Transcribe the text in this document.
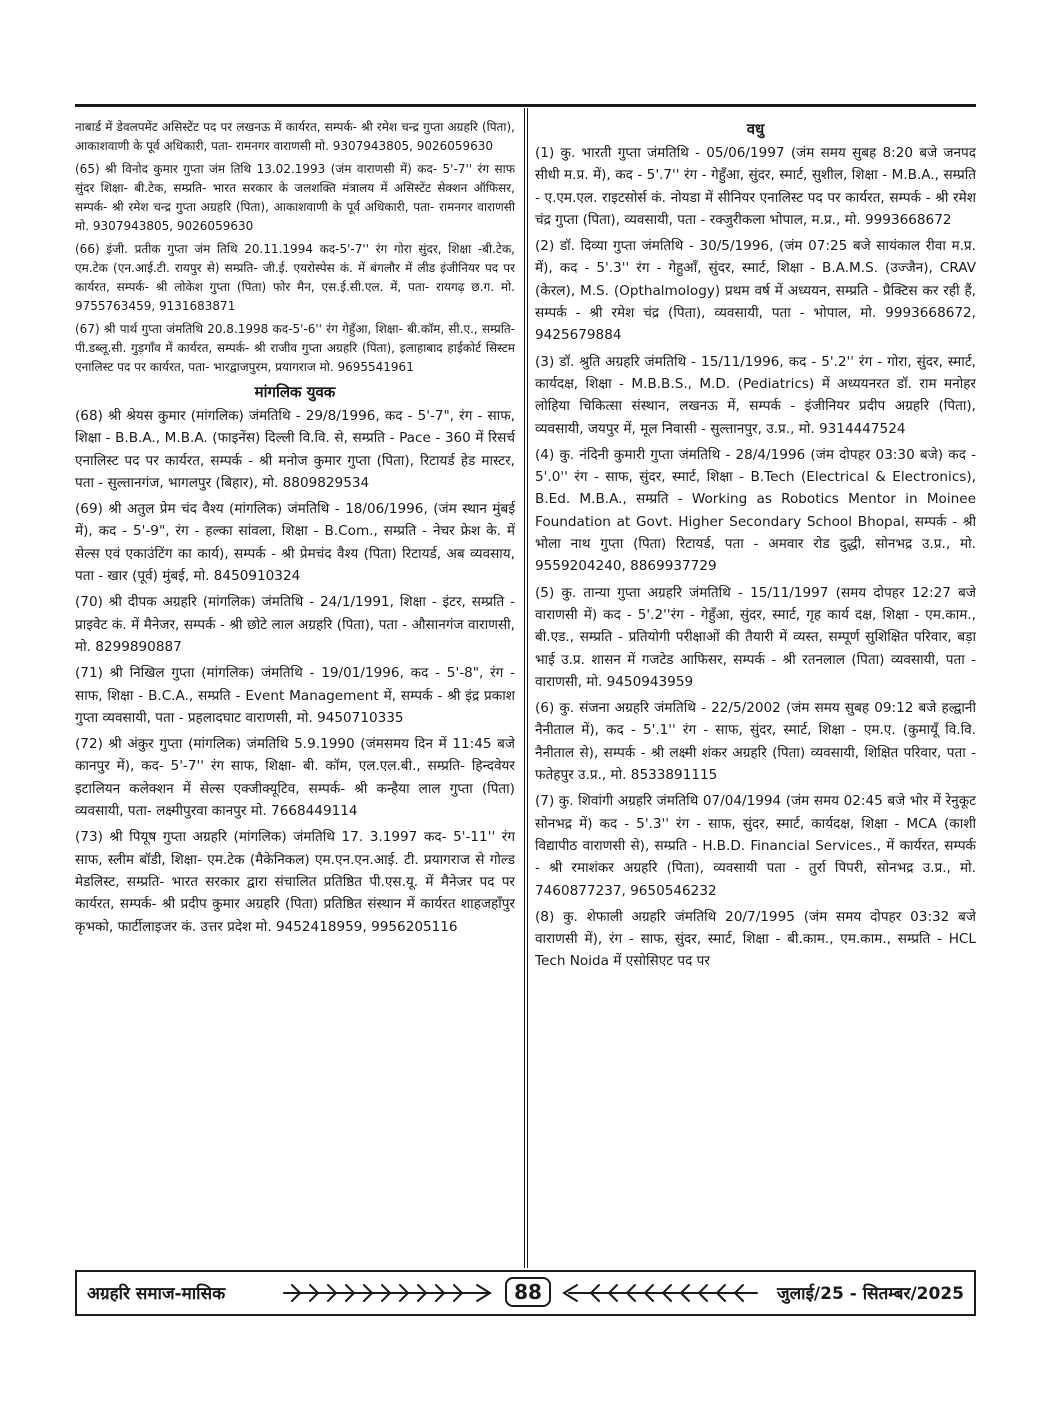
नाबार्ड में डेवलपमेंट असिस्टेंट पद पर लखनऊ में कार्यरत, सम्पर्क- श्री रमेश चन्द्र गुप्ता अग्रहरि (पिता), आकाशवाणी के पूर्व अधिकारी, पता- रामनगर वाराणसी मो. 9307943805, 9026059630

(65) श्री विनोद कुमार गुप्ता जंम तिथि 13.02.1993 (जंम वाराणसी में) कद- 5'-7'' रंग साफ सुंदर शिक्षा- बी.टेक, सम्प्रति- भारत सरकार के जलशक्ति मंत्रालय में असिस्टेंट सेक्शन ऑफिसर, सम्पर्क- श्री रमेश चन्द्र गुप्ता अग्रहरि (पिता), आकाशवाणी के पूर्व अधिकारी, पता- रामनगर वाराणसी मो. 9307943805, 9026059630

(66) इंजी. प्रतीक गुप्ता जंम तिथि 20.11.1994 कद-5'-7'' रंग गोरा सुंदर, शिक्षा -बी.टेक, एम.टेक (एन.आई.टी. रायपुर से) सम्प्रति- जी.ई. एयरोस्पेस कं. में बंगलौर में लीड इंजीनियर पद पर कार्यरत, सम्पर्क- श्री लोकेश गुप्ता (पिता) फोर मैन, एस.ई.सी.एल. में, पता- रायगढ़ छ.ग. मो. 9755763459, 9131683871

(67) श्री पार्थ गुप्ता जंमतिथि 20.8.1998 कद-5'-6'' रंग गेहुँआ, शिक्षा- बी.कॉम, सी.ए., सम्प्रति- पी.डब्लू.सी. गुड़गाँव में कार्यरत, सम्पर्क- श्री राजीव गुप्ता अग्रहरि (पिता), इलाहाबाद हाईकोर्ट सिस्टम एनालिस्ट पद पर कार्यरत, पता- भारद्वाजपुरम, प्रयागराज मो. 9695541961

मांगलिक युवक

(68) श्री श्रेयस कुमार (मांगलिक) जंमतिथि - 29/8/1996, कद - 5'-7", रंग - साफ, शिक्षा - B.B.A., M.B.A. (फाइनेंस) दिल्ली वि.वि. से, सम्प्रति - Pace - 360 में रिसर्च एनालिस्ट पद पर कार्यरत, सम्पर्क - श्री मनोज कुमार गुप्ता (पिता), रिटायर्ड हेड मास्टर, पता - सुल्तानगंज, भागलपुर (बिहार), मो. 8809829534

(69) श्री अतुल प्रेम चंद वैश्य (मांगलिक) जंमतिथि - 18/06/1996, (जंम स्थान मुंबई में), कद - 5'-9", रंग - हल्का सांवला, शिक्षा - B.Com., सम्प्रति - नेचर फ्रेश के. में सेल्स एवं एकाउंटिंग का कार्य), सम्पर्क - श्री प्रेमचंद वैश्य (पिता) रिटायर्ड, अब व्यवसाय, पता - खार (पूर्व) मुंबई, मो. 8450910324

(70) श्री दीपक अग्रहरि (मांगलिक) जंमतिथि - 24/1/1991, शिक्षा - इंटर, सम्प्रति - प्राइवेट कं. में मैनेजर, सम्पर्क - श्री छोटे लाल अग्रहरि (पिता), पता - औसानगंज वाराणसी, मो. 8299890887

(71) श्री निखिल गुप्ता (मांगलिक) जंमतिथि - 19/01/1996, कद - 5'-8", रंग - साफ, शिक्षा - B.C.A., सम्प्रति - Event Management में, सम्पर्क - श्री इंद्र प्रकाश गुप्ता व्यवसायी, पता - प्रहलादघाट वाराणसी, मो. 9450710335

(72) श्री अंकुर गुप्ता (मांगलिक) जंमतिथि 5.9.1990 (जंमसमय दिन में 11:45 बजे कानपुर में), कद- 5'-7'' रंग साफ, शिक्षा- बी. कॉम, एल.एल.बी., सम्प्रति- हिन्दवेयर इटालियन कलेक्शन में सेल्स एक्जीक्यूटिव, सम्पर्क- श्री कन्हैया लाल गुप्ता (पिता) व्यवसायी, पता- लक्ष्मीपुरवा कानपुर मो. 7668449114

(73) श्री पियूष गुप्ता अग्रहरि (मांगलिक) जंमतिथि 17. 3.1997 कद- 5'-11'' रंग साफ, स्लीम बॉडी, शिक्षा- एम.टेक (मैकेनिकल) एम.एन.एन.आई. टी. प्रयागराज से गोल्ड मेडलिस्ट, सम्प्रति- भारत सरकार द्वारा संचालित प्रतिष्ठित पी.एस.यू. में मैनेजर पद पर कार्यरत, सम्पर्क- श्री प्रदीप कुमार अग्रहरि (पिता) प्रतिष्ठित संस्थान में कार्यरत शाहजहाँपुर कृभको, फार्टीलाइजर कं. उत्तर प्रदेश मो. 9452418959, 9956205116

वधु

(1) कु. भारती गुप्ता जंमतिथि - 05/06/1997 (जंम समय सुबह 8:20 बजे जनपद सीधी म.प्र. में), कद - 5'.7'' रंग - गेहुँआ, सुंदर, स्मार्ट, सुशील, शिक्षा - M.B.A., सम्प्रति - ए.एम.एल. राइटसोर्स कं. नोयडा में सीनियर एनालिस्ट पद पर कार्यरत, सम्पर्क - श्री रमेश चंद्र गुप्ता (पिता), व्यवसायी, पता - रक्जुरीकला भोपाल, म.प्र., मो. 9993668672

(2) डॉ. दिव्या गुप्ता जंमतिथि - 30/5/1996, (जंम 07:25 बजे सायंकाल रीवा म.प्र. में), कद - 5'.3'' रंग - गेहुआँ, सुंदर, स्मार्ट, शिक्षा - B.A.M.S. (उज्जैन), CRAV (केरल), M.S. (Opthalmology) प्रथम वर्ष में अध्ययन, सम्प्रति - प्रैक्टिस कर रही हैं, सम्पर्क - श्री रमेश चंद्र (पिता), व्यवसायी, पता - भोपाल, मो. 9993668672, 9425679884

(3) डॉ. श्रुति अग्रहरि जंमतिथि - 15/11/1996, कद - 5'.2'' रंग - गोरा, सुंदर, स्मार्ट, कार्यदक्ष, शिक्षा - M.B.B.S., M.D. (Pediatrics) में अध्ययनरत डॉ. राम मनोहर लोहिया चिकित्सा संस्थान, लखनऊ में, सम्पर्क - इंजीनियर प्रदीप अग्रहरि (पिता), व्यवसायी, जयपुर में, मूल निवासी - सुल्तानपुर, उ.प्र., मो. 9314447524

(4) कु. नंदिनी कुमारी गुप्ता जंमतिथि - 28/4/1996 (जंम दोपहर 03:30 बजे) कद - 5'.0'' रंग - साफ, सुंदर, स्मार्ट, शिक्षा - B.Tech (Electrical & Electronics), B.Ed. M.B.A., सम्प्रति - Working as Robotics Mentor in Moinee Foundation at Govt. Higher Secondary School Bhopal, सम्पर्क - श्री भोला नाथ गुप्ता (पिता) रिटायर्ड, पता - अमवार रोड दुद्धी, सोनभद्र उ.प्र., मो. 9559204240, 8869937729

(5) कु. तान्या गुप्ता अग्रहरि जंमतिथि - 15/11/1997 (समय दोपहर 12:27 बजे वाराणसी में) कद - 5'.2''रंग - गेहुँआ, सुंदर, स्मार्ट, गृह कार्य दक्ष, शिक्षा - एम.काम., बी.एड., सम्प्रति - प्रतियोगी परीक्षाओं की तैयारी में व्यस्त, सम्पूर्ण सुशिक्षित परिवार, बड़ा भाई उ.प्र. शासन में गजटेड आफिसर, सम्पर्क - श्री रतनलाल (पिता) व्यवसायी, पता - वाराणसी, मो. 9450943959

(6) कु. संजना अग्रहरि जंमतिथि - 22/5/2002 (जंम समय सुबह 09:12 बजे हल्द्वानी नैनीताल में), कद - 5'.1'' रंग - साफ, सुंदर, स्मार्ट, शिक्षा - एम.ए. (कुमायूँ वि.वि. नैनीताल से), सम्पर्क - श्री लक्ष्मी शंकर अग्रहरि (पिता) व्यवसायी, शिक्षित परिवार, पता - फतेहपुर उ.प्र., मो. 8533891115

(7) कु. शिवांगी अग्रहरि जंमतिथि 07/04/1994 (जंम समय 02:45 बजे भोर में रेनुकूट सोनभद्र में) कद - 5'.3'' रंग - साफ, सुंदर, स्मार्ट, कार्यदक्ष, शिक्षा - MCA (काशी विद्यापीठ वाराणसी से), सम्प्रति - H.B.D. Financial Services., में कार्यरत, सम्पर्क - श्री रमाशंकर अग्रहरि (पिता), व्यवसायी पता - तुर्रा पिपरी, सोनभद्र उ.प्र., मो. 7460877237, 9650546232

(8) कु. शेफाली अग्रहरि जंमतिथि 20/7/1995 (जंम समय दोपहर 03:32 बजे वाराणसी में), रंग - साफ, सुंदर, स्मार्ट, शिक्षा - बी.काम., एम.काम., सम्प्रति - HCL Tech Noida में एसोसिएट पद पर

अग्रहरि समाज-मासिक	88	जुलाई/25 - सितम्बर/2025
